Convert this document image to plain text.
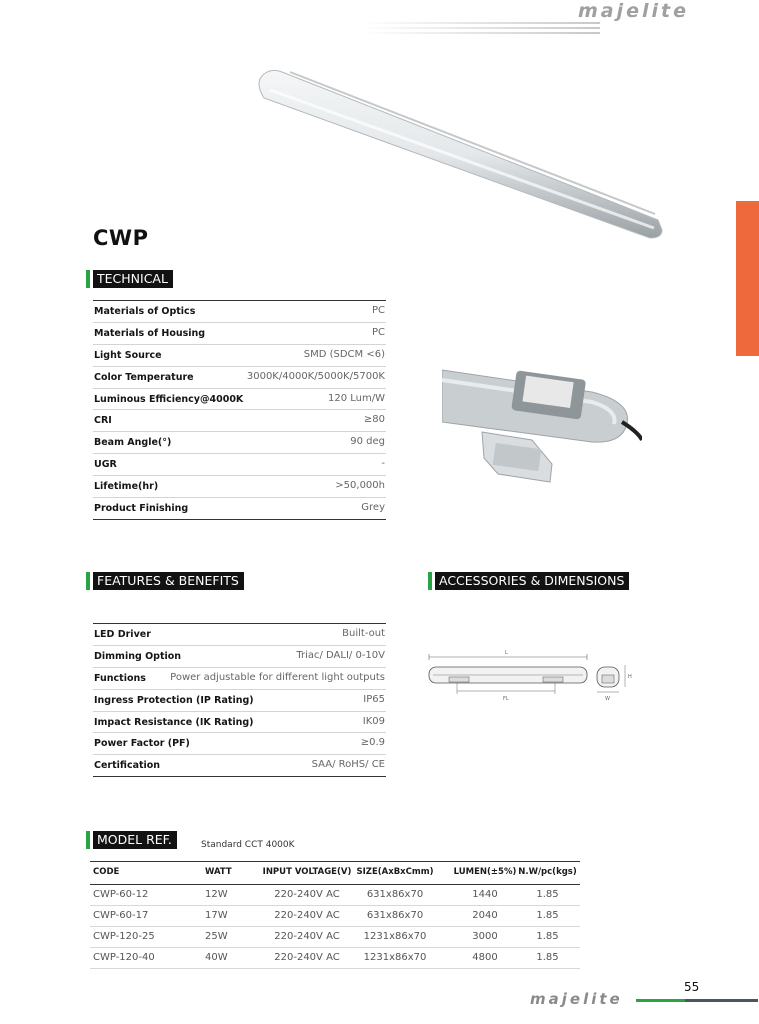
majelite
CWP
TECHNICAL
Materials of Optics	PC
Materials of Housing	PC
Light Source	SMD (SDCM <6)
Color Temperature	3000K/4000K/5000K/5700K
Luminous Efficiency@4000K	120 Lum/W
CRI	≥80
Beam Angle(°)	90 deg
UGR	-
Lifetime(hr)	>50,000h
Product Finishing	Grey
FEATURES & BENEFITS	ACCESSORIES & DIMENSIONS
LED Driver	Built-out
Dimming Option	Triac/ DALI/ 0-10V
Functions Power adjustable for different light outputs
Ingress Protection (IP Rating)	IP65
Impact Resistance (IK Rating)	IK09
Power Factor (PF)	≥0.9
Certification	SAA/ RoHS/ CE
L
FL
H
W
MODEL REF.	Standard CCT 4000K
CODE	WATT	INPUT VOLTAGE(V) SIZE(AxBxCmm)	LUMEN(±5%) N.W/pc(kgs)
CWP-60-12	12W	220-240V AC	631x86x70	1440	1.85
CWP-60-17	17W	220-240V AC	631x86x70	2040	1.85
CWP-120-25	25W	220-240V AC	1231x86x70	3000	1.85
CWP-120-40	40W	220-240V AC	1231x86x70	4800	1.85
55
majelite
